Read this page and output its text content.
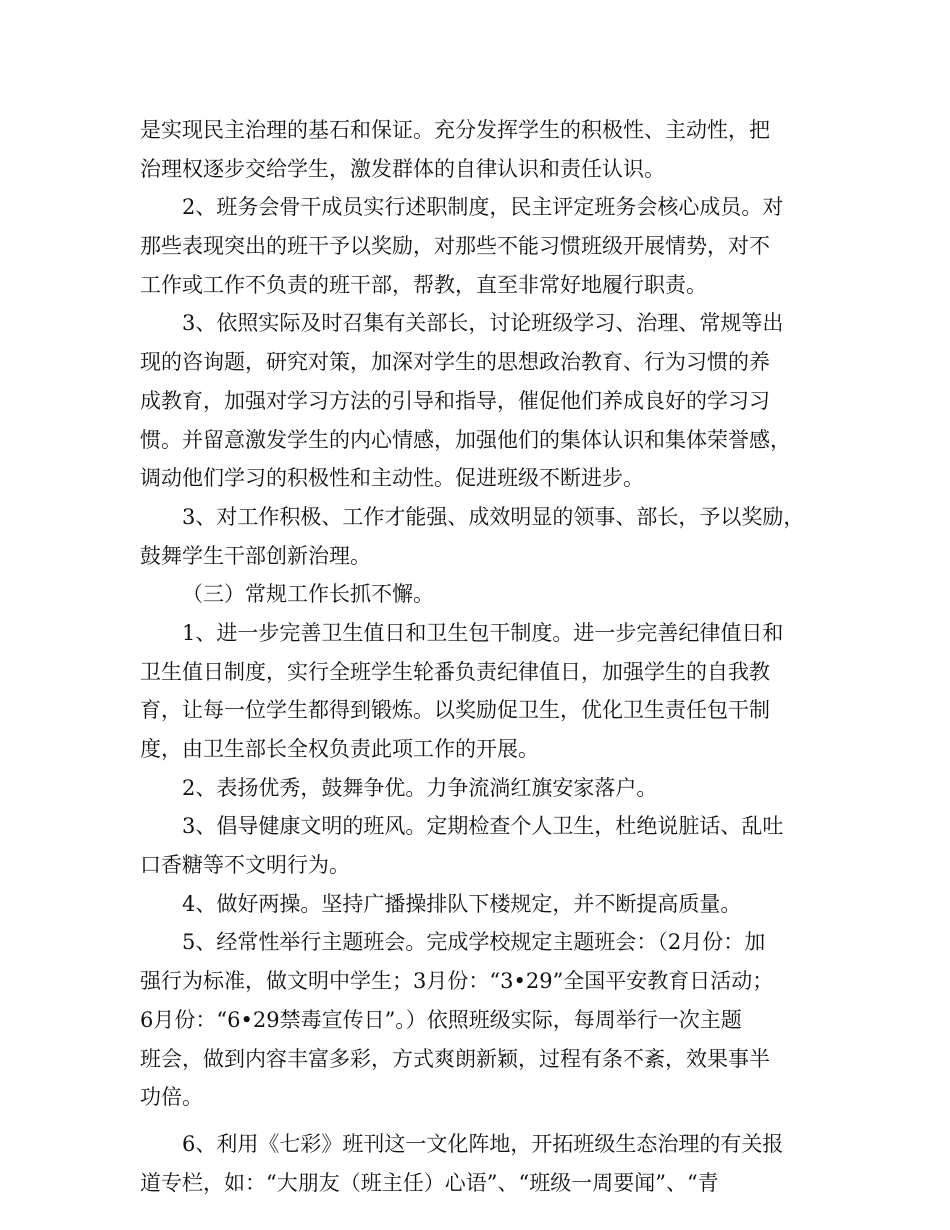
是实现民主治理的基石和保证。充分发挥学生的积极性、主动性，把
治理权逐步交给学生，激发群体的自律认识和责任认识。
2、班务会骨干成员实行述职制度，民主评定班务会核心成员。对
那些表现突出的班干予以奖励，对那些不能习惯班级开展情势，对不
工作或工作不负责的班干部，帮教，直至非常好地履行职责。
3、依照实际及时召集有关部长，讨论班级学习、治理、常规等出
现的咨询题，研究对策，加深对学生的思想政治教育、行为习惯的养
成教育，加强对学习方法的引导和指导，催促他们养成良好的学习习
惯。并留意激发学生的内心情感，加强他们的集体认识和集体荣誉感，
调动他们学习的积极性和主动性。促进班级不断进步。
3、对工作积极、工作才能强、成效明显的领事、部长，予以奖励，
鼓舞学生干部创新治理。
（三）常规工作长抓不懈。
1、进一步完善卫生值日和卫生包干制度。进一步完善纪律值日和
卫生值日制度，实行全班学生轮番负责纪律值日，加强学生的自我教
育，让每一位学生都得到锻炼。以奖励促卫生，优化卫生责任包干制
度，由卫生部长全权负责此项工作的开展。
2、表扬优秀，鼓舞争优。力争流淌红旗安家落户。
3、倡导健康文明的班风。定期检查个人卫生，杜绝说脏话、乱吐
口香糖等不文明行为。
4、做好两操。坚持广播操排队下楼规定，并不断提高质量。
5、经常性举行主题班会。完成学校规定主题班会：（2月份：加
强行为标准，做文明中学生；3月份：“3•29”全国平安教育日活动；
6月份：“6•29禁毒宣传日”。）依照班级实际，每周举行一次主题
班会，做到内容丰富多彩，方式爽朗新颖，过程有条不紊，效果事半
功倍。
6、利用《七彩》班刊这一文化阵地，开拓班级生态治理的有关报
道专栏，如：“大朋友（班主任）心语”、“班级一周要闻”、“青
